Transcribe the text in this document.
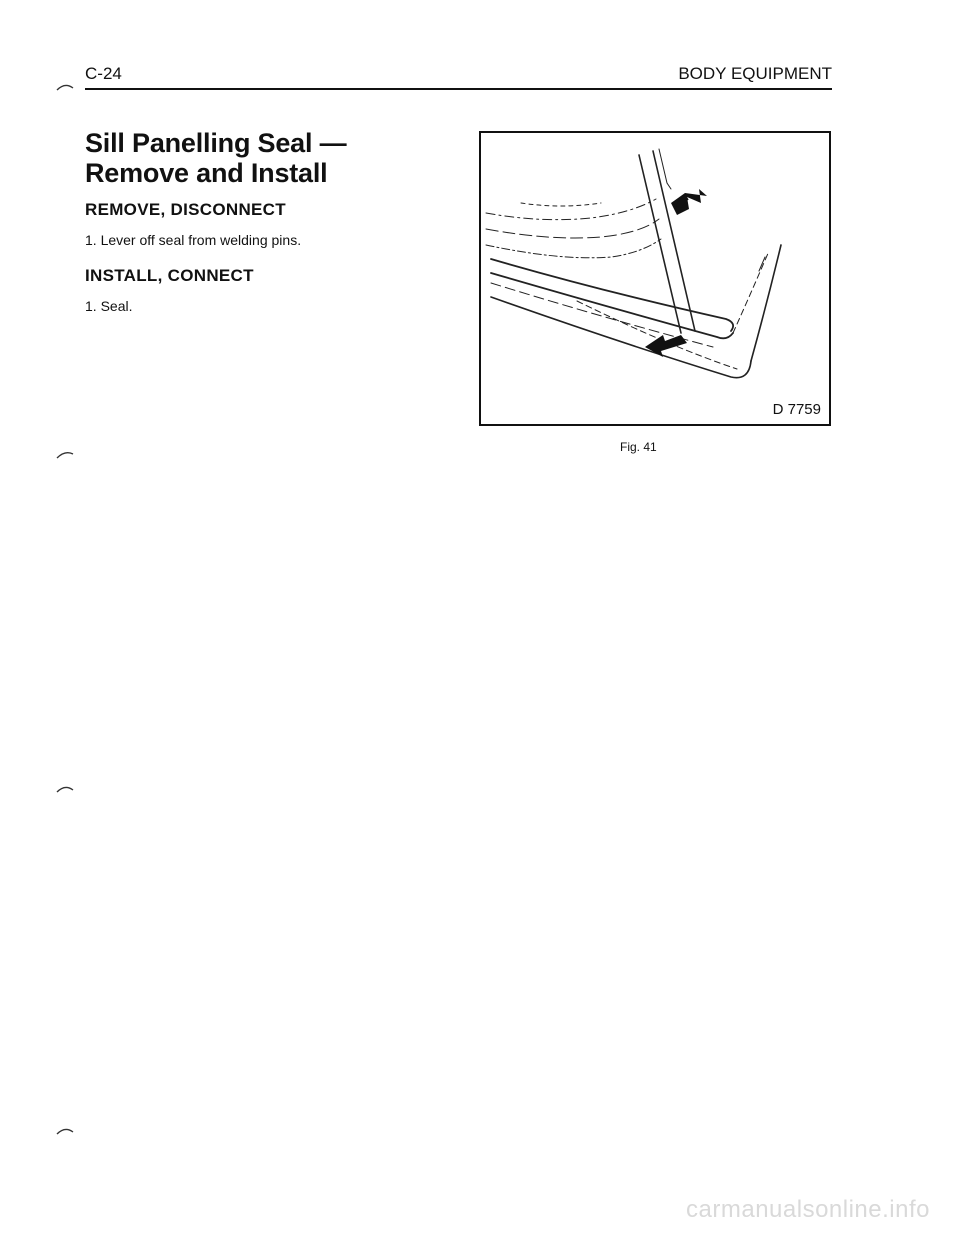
C-24	BODY EQUIPMENT
Sill Panelling Seal —
Remove and Install
REMOVE, DISCONNECT
1. Lever off seal from welding pins.
INSTALL, CONNECT
1. Seal.
D 7759
Fig. 41
carmanualsonline.info
